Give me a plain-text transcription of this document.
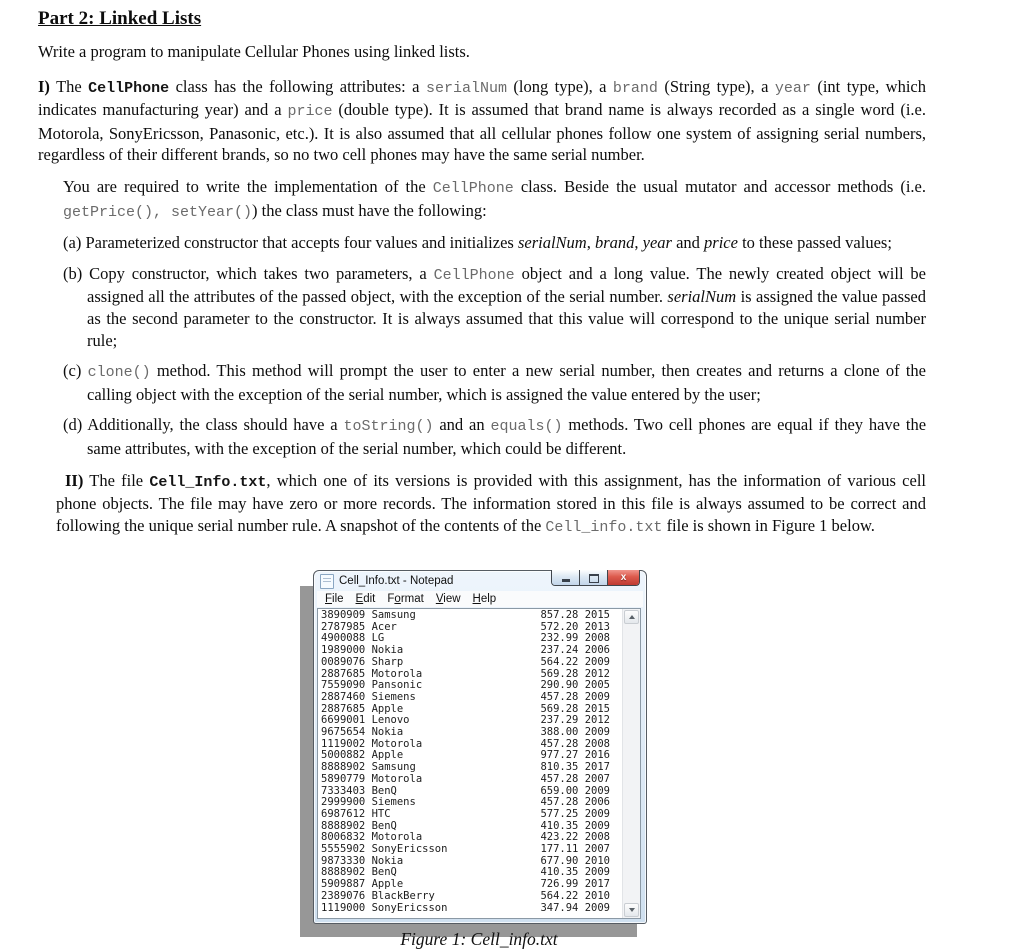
Part 2: Linked Lists

Write a program to manipulate Cellular Phones using linked lists.

I) The CellPhone class has the following attributes: a serialNum (long type), a brand (String type), a year (int type, which indicates manufacturing year) and a price (double type). It is assumed that brand name is always recorded as a single word (i.e. Motorola, SonyEricsson, Panasonic, etc.). It is also assumed that all cellular phones follow one system of assigning serial numbers, regardless of their different brands, so no two cell phones may have the same serial number.

You are required to write the implementation of the CellPhone class. Beside the usual mutator and accessor methods (i.e. getPrice(), setYear()) the class must have the following:

(a) Parameterized constructor that accepts four values and initializes serialNum, brand, year and price to these passed values;

(b) Copy constructor, which takes two parameters, a CellPhone object and a long value. The newly created object will be assigned all the attributes of the passed object, with the exception of the serial number. serialNum is assigned the value passed as the second parameter to the constructor. It is always assumed that this value will correspond to the unique serial number rule;

(c) clone() method. This method will prompt the user to enter a new serial number, then creates and returns a clone of the calling object with the exception of the serial number, which is assigned the value entered by the user;

(d) Additionally, the class should have a toString() and an equals() methods. Two cell phones are equal if they have the same attributes, with the exception of the serial number, which could be different.

II) The file Cell_Info.txt, which one of its versions is provided with this assignment, has the information of various cell phone objects. The file may have zero or more records. The information stored in this file is always assumed to be correct and following the unique serial number rule. A snapshot of the contents of the Cell_info.txt file is shown in Figure 1 below.

Cell_Info.txt - Notepad	x
File	Edit	Format	View	Help
3890909 Samsung	857.28 2015
2787985 Acer	572.20 2013
4900088 LG	232.99 2008
1989000 Nokia	237.24 2006
0089076 Sharp	564.22 2009
2887685 Motorola	569.28 2012
7559090 Pansonic	290.90 2005
2887460 Siemens	457.28 2009
2887685 Apple	569.28 2015
6699001 Lenovo	237.29 2012
9675654 Nokia	388.00 2009
1119002 Motorola	457.28 2008
5000882 Apple	977.27 2016
8888902 Samsung	810.35 2017
5890779 Motorola	457.28 2007
7333403 BenQ	659.00 2009
2999900 Siemens	457.28 2006
6987612 HTC	577.25 2009
8888902 BenQ	410.35 2009
8006832 Motorola	423.22 2008
5555902 SonyEricsson	177.11 2007
9873330 Nokia	677.90 2010
8888902 BenQ	410.35 2009
5909887 Apple	726.99 2017
2389076 BlackBerry	564.22 2010
1119000 SonyEricsson	347.94 2009
Figure 1: Cell_info.txt
